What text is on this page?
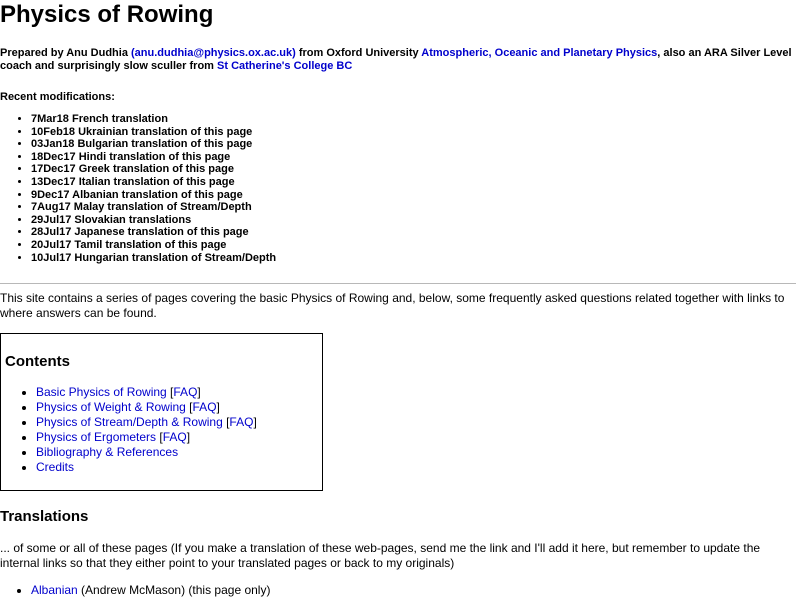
Physics of Rowing
Prepared by Anu Dudhia (anu.dudhia@physics.ox.ac.uk) from Oxford University Atmospheric, Oceanic and Planetary Physics, also an ARA Silver Level coach and surprisingly slow sculler from St Catherine's College BC
Recent modifications:
• 7Mar18 French translation
• 10Feb18 Ukrainian translation of this page
• 03Jan18 Bulgarian translation of this page
• 18Dec17 Hindi translation of this page
• 17Dec17 Greek translation of this page
• 13Dec17 Italian translation of this page
• 9Dec17 Albanian translation of this page
• 7Aug17 Malay translation of Stream/Depth
• 29Jul17 Slovakian translations
• 28Jul17 Japanese translation of this page
• 20Jul17 Tamil translation of this page
• 10Jul17 Hungarian translation of Stream/Depth
This site contains a series of pages covering the basic Physics of Rowing and, below, some frequently asked questions related together with links to where answers can be found.
Contents
• Basic Physics of Rowing [FAQ]
• Physics of Weight & Rowing [FAQ]
• Physics of Stream/Depth & Rowing [FAQ]
• Physics of Ergometers [FAQ]
• Bibliography & References
• Credits
Translations
... of some or all of these pages (If you make a translation of these web-pages, send me the link and I'll add it here, but remember to update the internal links so that they either point to your translated pages or back to my originals)
• Albanian (Andrew McMason) (this page only)
